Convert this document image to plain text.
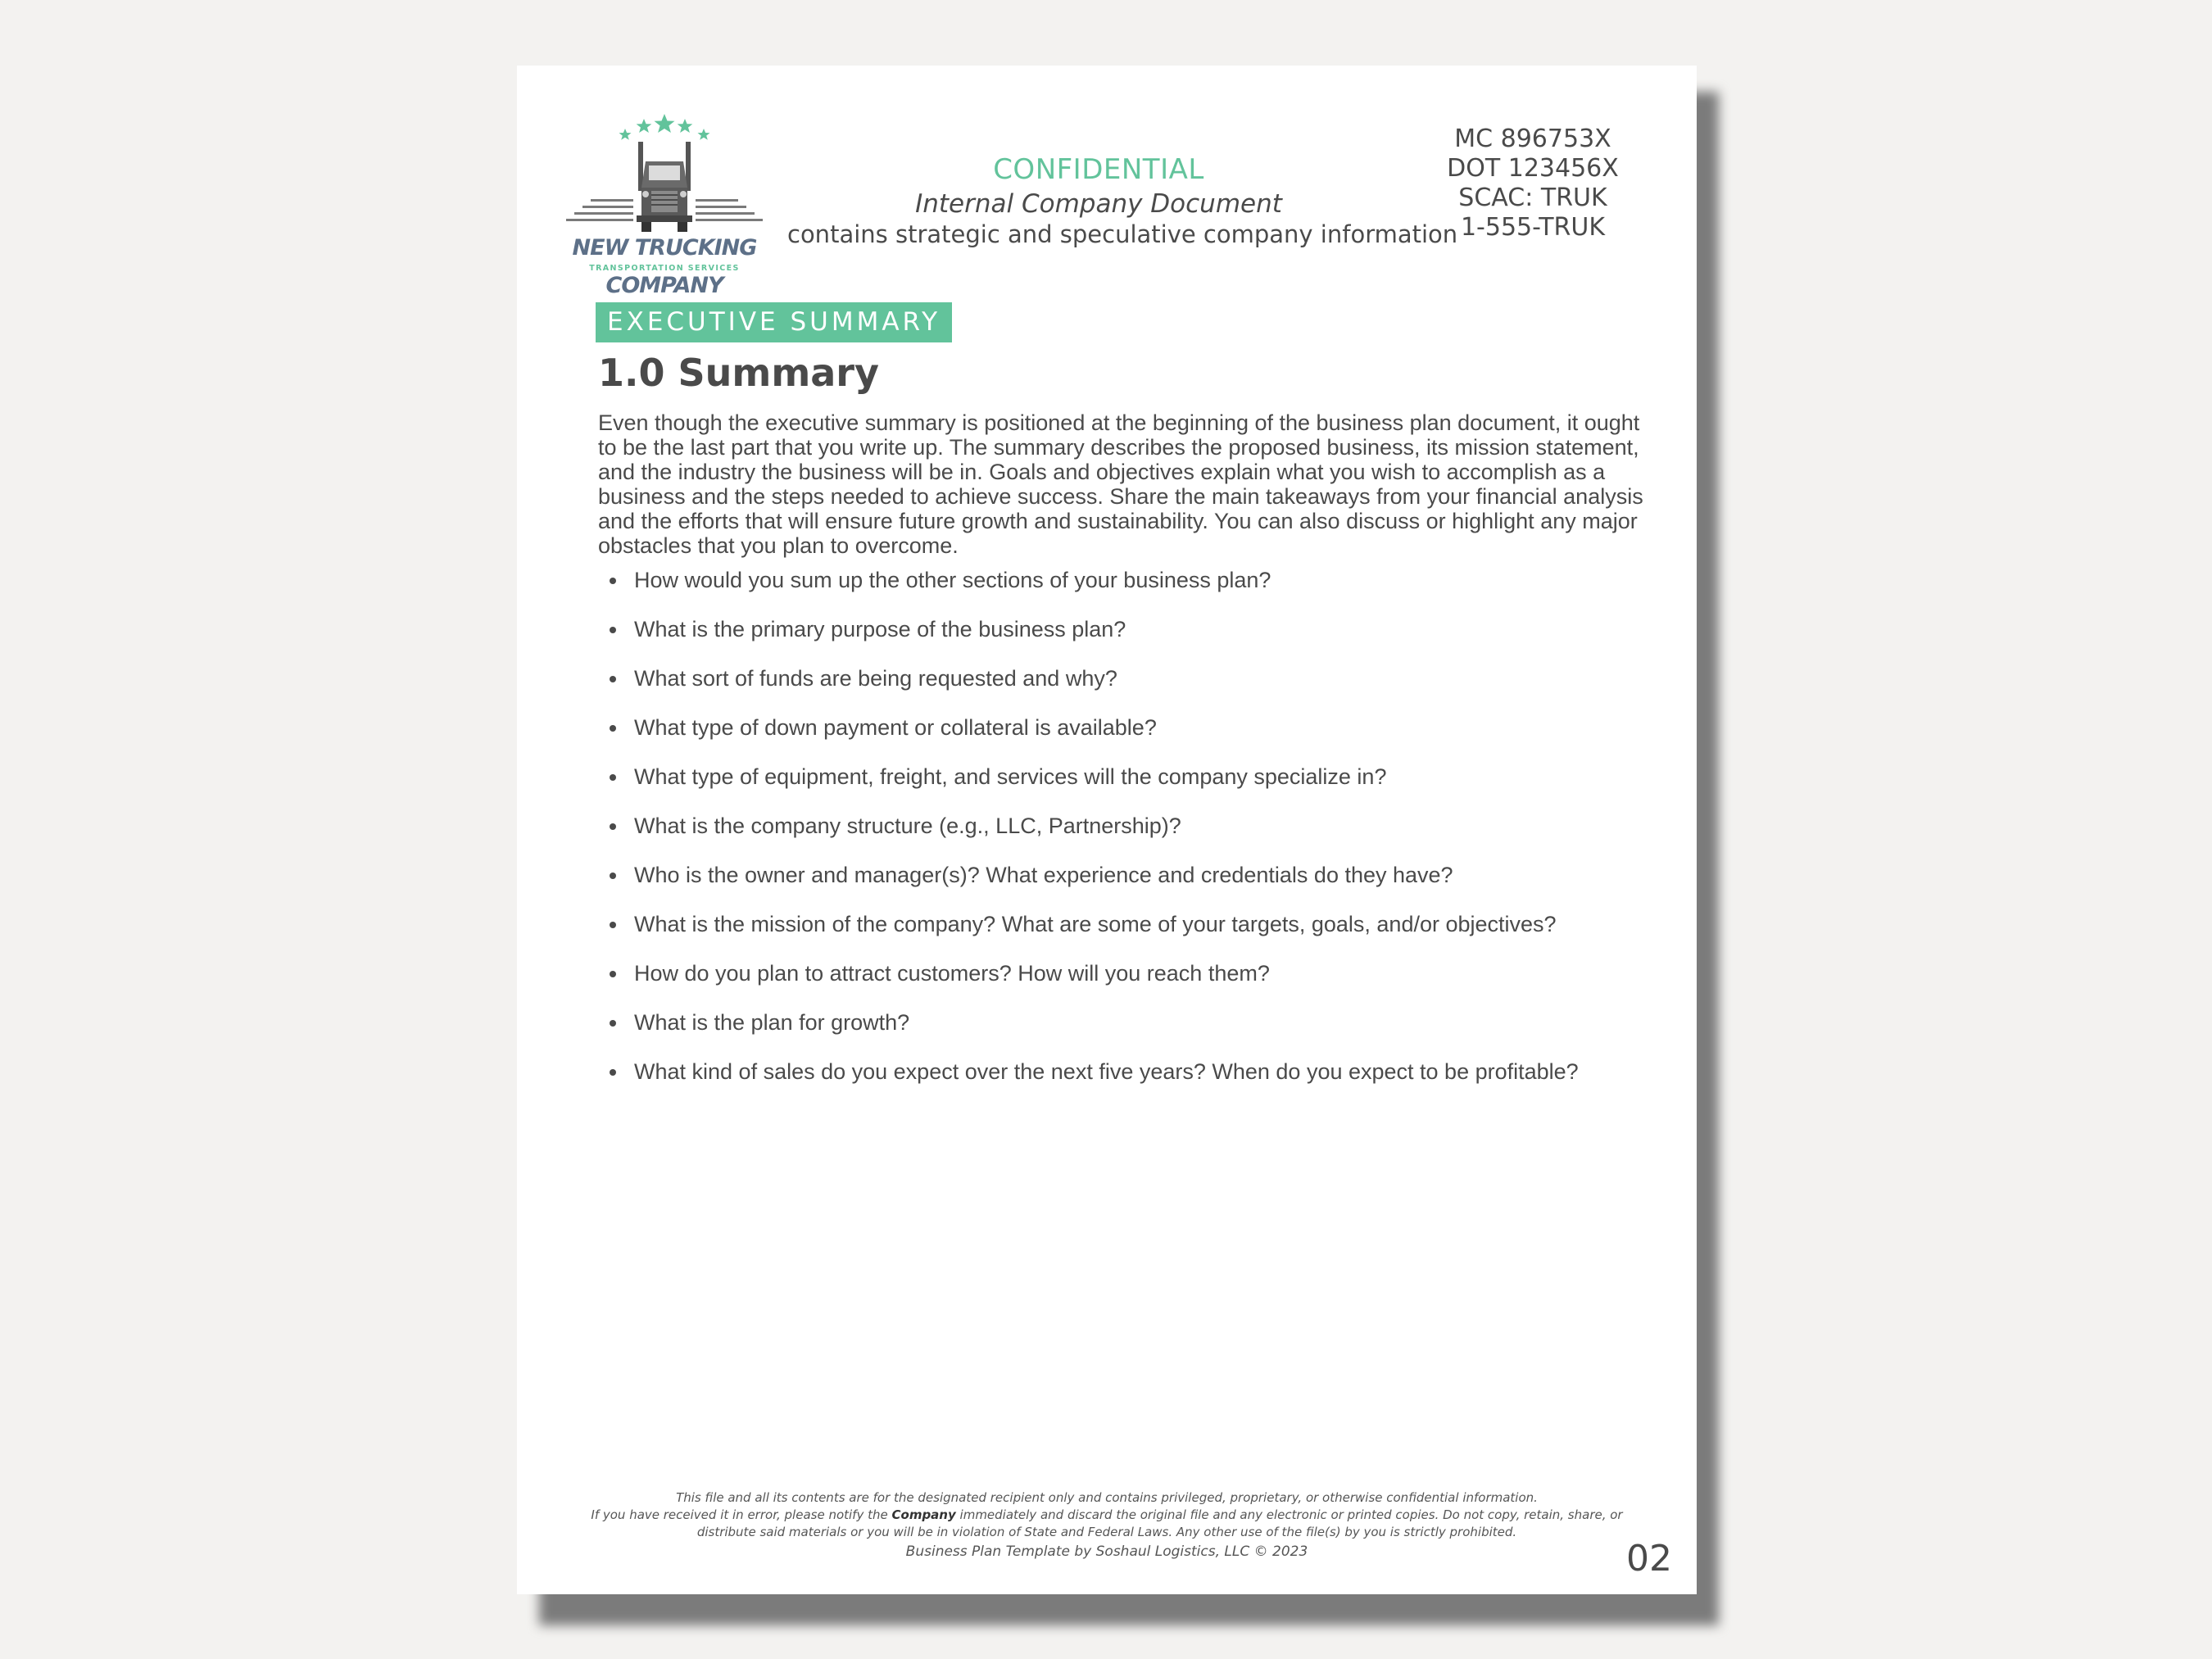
NEW TRUCKING
TRANSPORTATION SERVICES
COMPANY
CONFIDENTIAL
Internal Company Document
contains strategic and speculative company information
MC 896753X
DOT 123456X
SCAC: TRUK
1-555-TRUK
EXECUTIVE SUMMARY
1.0 Summary

Even though the executive summary is positioned at the beginning of the business plan document, it ought to be the last part that you write up. The summary describes the proposed business, its mission statement, and the industry the business will be in. Goals and objectives explain what you wish to accomplish as a business and the steps needed to achieve success. Share the main takeaways from your financial analysis and the efforts that will ensure future growth and sustainability. You can also discuss or highlight any major obstacles that you plan to overcome.

How would you sum up the other sections of your business plan?
What is the primary purpose of the business plan?
What sort of funds are being requested and why?
What type of down payment or collateral is available?
What type of equipment, freight, and services will the company specialize in?
What is the company structure (e.g., LLC, Partnership)?
Who is the owner and manager(s)? What experience and credentials do they have?
What is the mission of the company? What are some of your targets, goals, and/or objectives?
How do you plan to attract customers? How will you reach them?
What is the plan for growth?
What kind of sales do you expect over the next five years? When do you expect to be profitable?
This file and all its contents are for the designated recipient only and contains privileged, proprietary, or otherwise confidential information.
If you have received it in error, please notify the Company immediately and discard the original file and any electronic or printed copies. Do not copy, retain, share, or distribute said materials or you will be in violation of State and Federal Laws. Any other use of the file(s) by you is strictly prohibited.
Business Plan Template by Soshaul Logistics, LLC © 2023	02
